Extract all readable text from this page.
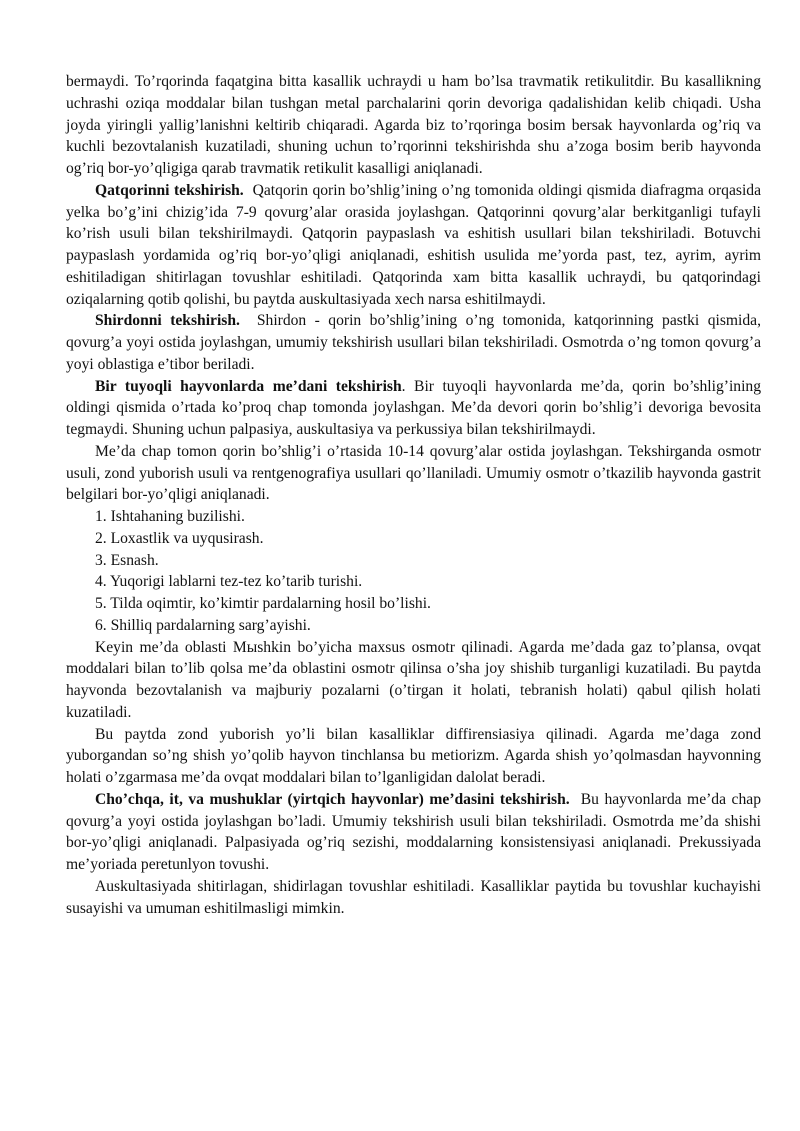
bermaydi. To’rqorinda faqatgina bitta kasallik uchraydi u ham bo’lsa travmatik retikulitdir. Bu kasallikning uchrashi oziqa moddalar bilan tushgan metal parchalarini qorin devoriga qadalishidan kelib chiqadi. Usha joyda yiringli yallig’lanishni keltirib chiqaradi. Agarda biz to’rqoringa bosim bersak hayvonlarda og’riq va kuchli bezovtalanish kuzatiladi, shuning uchun to’rqorinni tekshirishda shu a’zoga bosim berib hayvonda og’riq bor-yo’qligiga qarab travmatik retikulit kasalligi aniqlanadi.

Qatqorinni tekshirish. Qatqorin qorin bo’shlig’ining o’ng tomonida oldingi qismida diafragma orqasida yelka bo’g’ini chizig’ida 7-9 qovurg’alar orasida joylashgan. Qatqorinni qovurg’alar berkitganligi tufayli ko’rish usuli bilan tekshirilmaydi. Qatqorin paypaslash va eshitish usullari bilan tekshiriladi. Botuvchi paypaslash yordamida og’riq bor-yo’qligi aniqlanadi, eshitish usulida me’yorda past, tez, ayrim, ayrim eshitiladigan shitirlagan tovushlar eshitiladi. Qatqorinda xam bitta kasallik uchraydi, bu qatqorindagi oziqalarning qotib qolishi, bu paytda auskultasiyada xech narsa eshitilmaydi.

Shirdonni tekshirish. Shirdon - qorin bo’shlig’ining o’ng tomonida, katqorinning pastki qismida, qovurg’a yoyi ostida joylashgan, umumiy tekshirish usullari bilan tekshiriladi. Osmotrda o’ng tomon qovurg’a yoyi oblastiga e’tibor beriladi.

Bir tuyoqli hayvonlarda me’dani tekshirish. Bir tuyoqli hayvonlarda me’da, qorin bo’shlig’ining oldingi qismida o’rtada ko’proq chap tomonda joylashgan. Me’da devori qorin bo’shlig’i devoriga bevosita tegmaydi. Shuning uchun palpasiya, auskultasiya va perkussiya bilan tekshirilmaydi.

Me’da chap tomon qorin bo’shlig’i o’rtasida 10-14 qovurg’alar ostida joylashgan. Tekshirganda osmotr usuli, zond yuborish usuli va rentgenografiya usullari qo’llaniladi. Umumiy osmotr o’tkazilib hayvonda gastrit belgilari bor-yo’qligi aniqlanadi.

1. Ishtahaning buzilishi.

2. Loxastlik va uyqusirash.

3. Esnash.

4. Yuqorigi lablarni tez-tez ko’tarib turishi.

5. Tilda oqimtir, ko’kimtir pardalarning hosil bo’lishi.

6. Shilliq pardalarning sarg’ayishi.

Keyin me’da oblasti Мыshkin bo’yicha maxsus osmotr qilinadi. Agarda me’dada gaz to’plansa, ovqat moddalari bilan to’lib qolsa me’da oblastini osmotr qilinsa o’sha joy shishib turganligi kuzatiladi. Bu paytda hayvonda bezovtalanish va majburiy pozalarni (o’tirgan it holati, tebranish holati) qabul qilish holati kuzatiladi.

Bu paytda zond yuborish yo’li bilan kasalliklar diffirensiasiya qilinadi. Agarda me’daga zond yuborgandan so’ng shish yo’qolib hayvon tinchlansa bu metiorizm. Agarda shish yo’qolmasdan hayvonning holati o’zgarmasa me’da ovqat moddalari bilan to’lganligidan dalolat beradi.

Cho’chqa, it, va mushuklar (yirtqich hayvonlar) me’dasini tekshirish. Bu hayvonlarda me’da chap qovurg’a yoyi ostida joylashgan bo’ladi. Umumiy tekshirish usuli bilan tekshiriladi. Osmotrda me’da shishi bor-yo’qligi aniqlanadi. Palpasiyada og’riq sezishi, moddalarning konsistensiyasi aniqlanadi. Prekussiyada me’yoriada peretunlyon tovushi.

Auskultasiyada shitirlagan, shidirlagan tovushlar eshitiladi. Kasalliklar paytida bu tovushlar kuchayishi susayishi va umuman eshitilmasligi mimkin.
